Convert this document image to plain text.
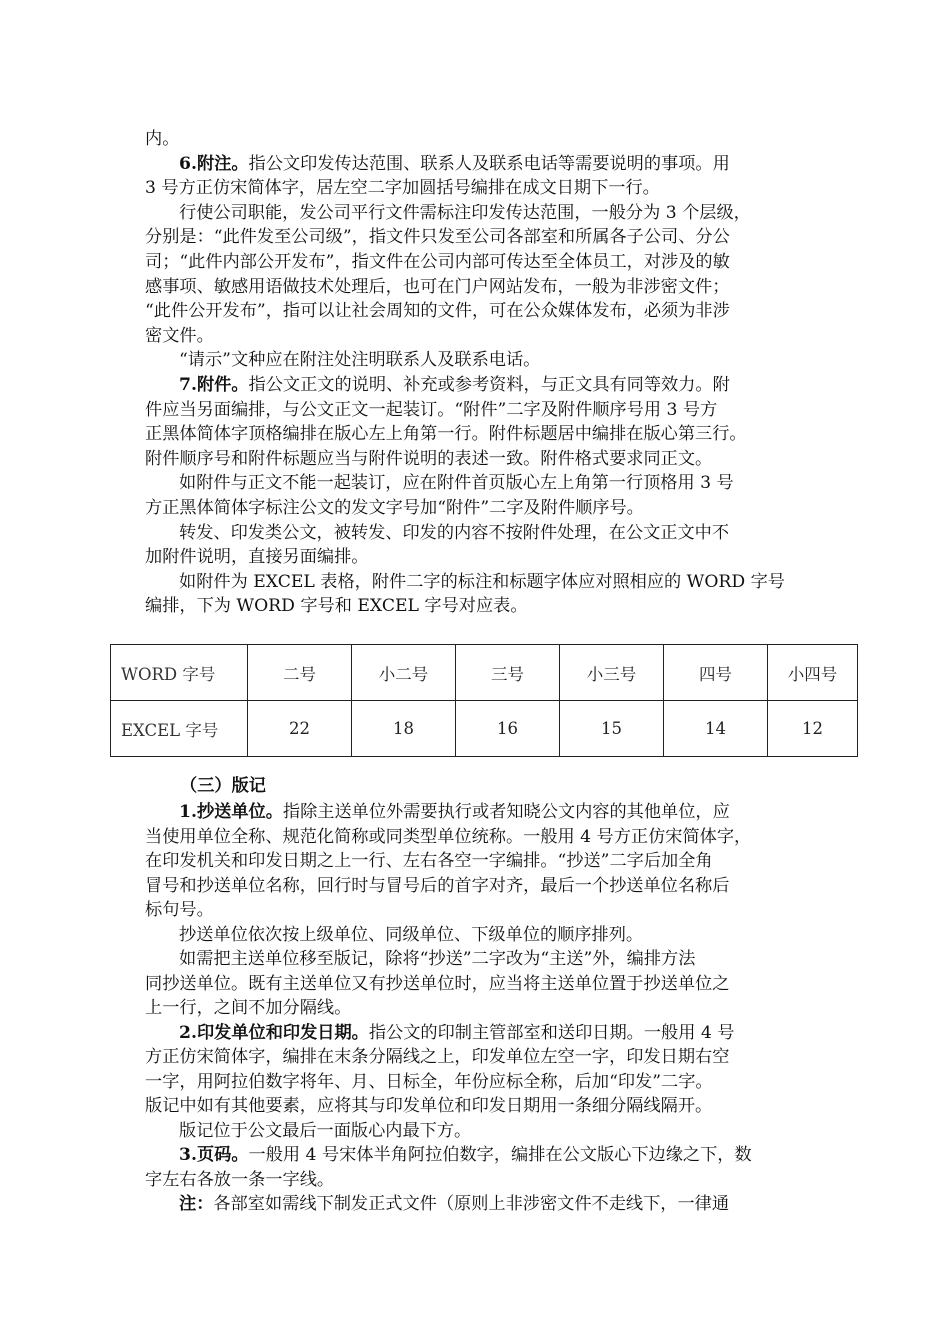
内。
6.附注。指公文印发传达范围、联系人及联系电话等需要说明的事项。用
3 号方正仿宋简体字，居左空二字加圆括号编排在成文日期下一行。
行使公司职能，发公司平行文件需标注印发传达范围，一般分为 3 个层级，
分别是：“此件发至公司级”，指文件只发至公司各部室和所属各子公司、分公
司；“此件内部公开发布”，指文件在公司内部可传达至全体员工，对涉及的敏
感事项、敏感用语做技术处理后，也可在门户网站发布，一般为非涉密文件；
“此件公开发布”，指可以让社会周知的文件，可在公众媒体发布，必须为非涉
密文件。
“请示”文种应在附注处注明联系人及联系电话。
7.附件。指公文正文的说明、补充或参考资料，与正文具有同等效力。附
件应当另面编排，与公文正文一起装订。“附件”二字及附件顺序号用 3 号方
正黑体简体字顶格编排在版心左上角第一行。附件标题居中编排在版心第三行。
附件顺序号和附件标题应当与附件说明的表述一致。附件格式要求同正文。
如附件与正文不能一起装订，应在附件首页版心左上角第一行顶格用 3 号
方正黑体简体字标注公文的发文字号加“附件”二字及附件顺序号。
转发、印发类公文，被转发、印发的内容不按附件处理，在公文正文中不
加附件说明，直接另面编排。
如附件为 EXCEL 表格，附件二字的标注和标题字体应对照相应的 WORD 字号
编排，下为 WORD 字号和 EXCEL 字号对应表。
WORD 字号	二号	小二号	三号	小三号	四号	小四号
EXCEL 字号	22	18	16	15	14	12
（三）版记
1.抄送单位。指除主送单位外需要执行或者知晓公文内容的其他单位，应
当使用单位全称、规范化简称或同类型单位统称。一般用 4 号方正仿宋简体字，
在印发机关和印发日期之上一行、左右各空一字编排。“抄送”二字后加全角
冒号和抄送单位名称，回行时与冒号后的首字对齐，最后一个抄送单位名称后
标句号。
抄送单位依次按上级单位、同级单位、下级单位的顺序排列。
如需把主送单位移至版记，除将“抄送”二字改为“主送”外，编排方法
同抄送单位。既有主送单位又有抄送单位时，应当将主送单位置于抄送单位之
上一行，之间不加分隔线。
2.印发单位和印发日期。指公文的印制主管部室和送印日期。一般用 4 号
方正仿宋简体字，编排在末条分隔线之上，印发单位左空一字，印发日期右空
一字，用阿拉伯数字将年、月、日标全，年份应标全称，后加“印发”二字。
版记中如有其他要素，应将其与印发单位和印发日期用一条细分隔线隔开。
版记位于公文最后一面版心内最下方。
3.页码。一般用 4 号宋体半角阿拉伯数字，编排在公文版心下边缘之下，数
字左右各放一条一字线。
注：各部室如需线下制发正式文件（原则上非涉密文件不走线下，一律通
